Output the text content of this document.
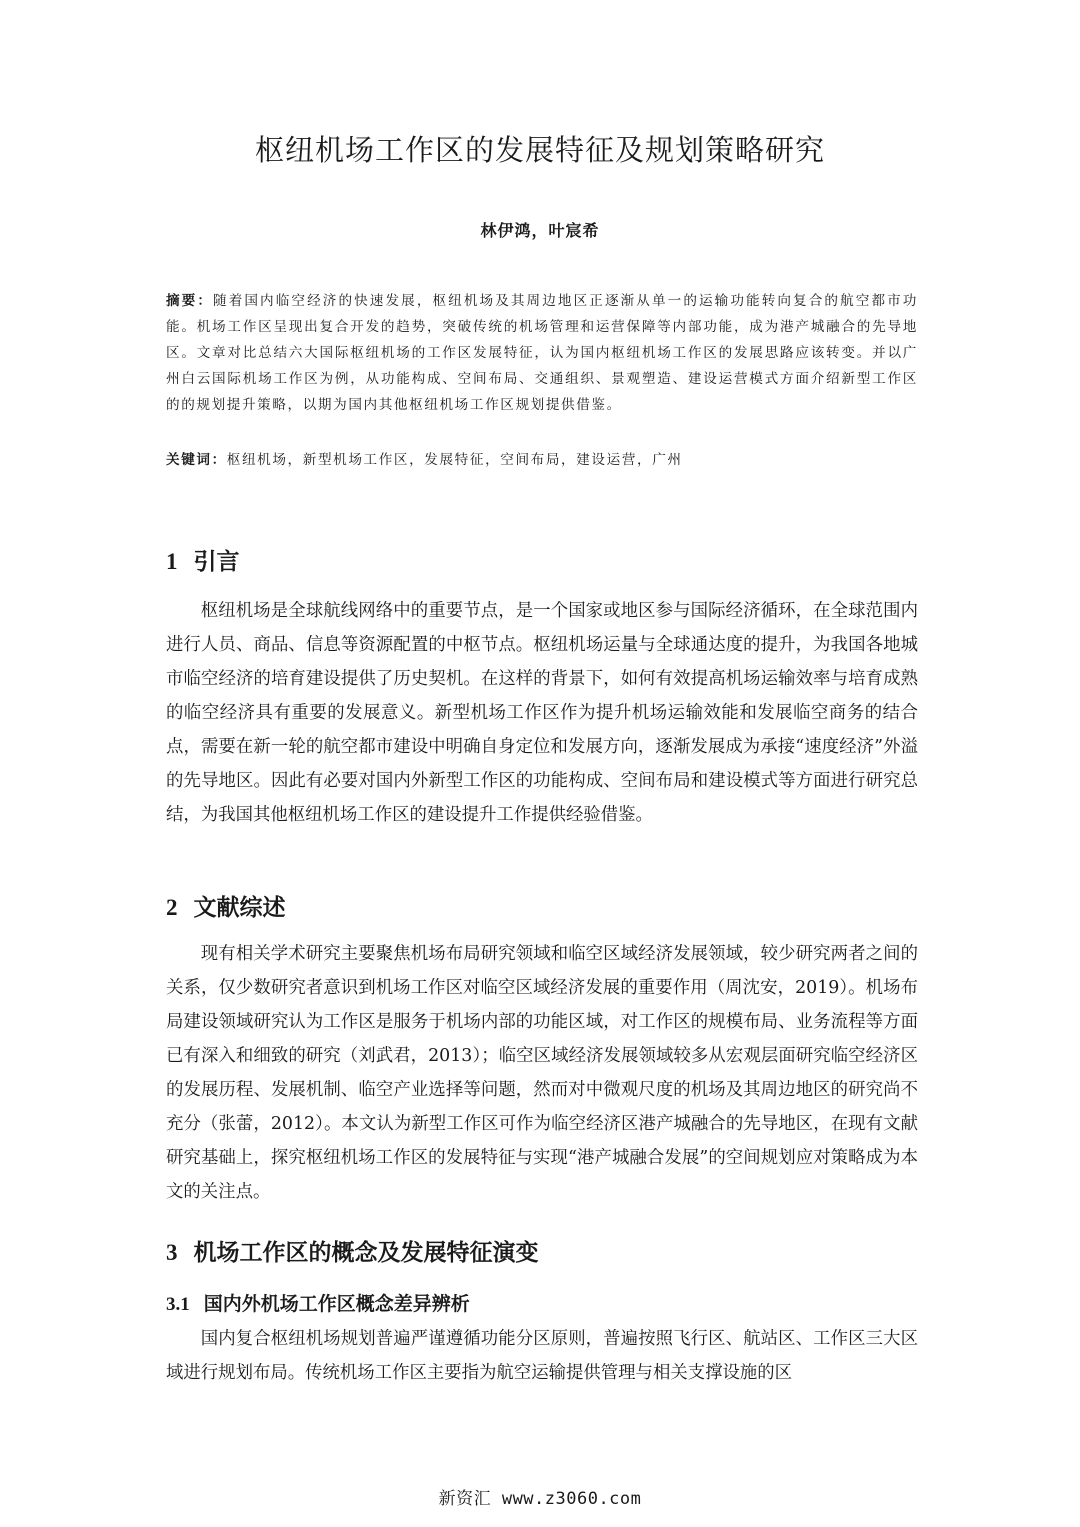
枢纽机场工作区的发展特征及规划策略研究
林伊鸿，叶宸希
摘要：随着国内临空经济的快速发展，枢纽机场及其周边地区正逐渐从单一的运输功能转向复合的航空都市功能。机场工作区呈现出复合开发的趋势，突破传统的机场管理和运营保障等内部功能，成为港产城融合的先导地区。文章对比总结六大国际枢纽机场的工作区发展特征，认为国内枢纽机场工作区的发展思路应该转变。并以广州白云国际机场工作区为例，从功能构成、空间布局、交通组织、景观塑造、建设运营模式方面介绍新型工作区的的规划提升策略，以期为国内其他枢纽机场工作区规划提供借鉴。
关键词：枢纽机场，新型机场工作区，发展特征，空间布局，建设运营，广州
1 引言
枢纽机场是全球航线网络中的重要节点，是一个国家或地区参与国际经济循环，在全球范围内进行人员、商品、信息等资源配置的中枢节点。枢纽机场运量与全球通达度的提升，为我国各地城市临空经济的培育建设提供了历史契机。在这样的背景下，如何有效提高机场运输效率与培育成熟的临空经济具有重要的发展意义。新型机场工作区作为提升机场运输效能和发展临空商务的结合点，需要在新一轮的航空都市建设中明确自身定位和发展方向，逐渐发展成为承接“速度经济”外溢的先导地区。因此有必要对国内外新型工作区的功能构成、空间布局和建设模式等方面进行研究总结，为我国其他枢纽机场工作区的建设提升工作提供经验借鉴。
2 文献综述
现有相关学术研究主要聚焦机场布局研究领域和临空区域经济发展领域，较少研究两者之间的关系，仅少数研究者意识到机场工作区对临空区域经济发展的重要作用（周沈安，2019）。机场布局建设领域研究认为工作区是服务于机场内部的功能区域，对工作区的规模布局、业务流程等方面已有深入和细致的研究（刘武君，2013）；临空区域经济发展领域较多从宏观层面研究临空经济区的发展历程、发展机制、临空产业选择等问题，然而对中微观尺度的机场及其周边地区的研究尚不充分（张蕾，2012）。本文认为新型工作区可作为临空经济区港产城融合的先导地区，在现有文献研究基础上，探究枢纽机场工作区的发展特征与实现“港产城融合发展”的空间规划应对策略成为本文的关注点。
3 机场工作区的概念及发展特征演变
3.1 国内外机场工作区概念差异辨析
国内复合枢纽机场规划普遍严谨遵循功能分区原则，普遍按照飞行区、航站区、工作区三大区域进行规划布局。传统机场工作区主要指为航空运输提供管理与相关支撑设施的区
新资汇 www.z3060.com
